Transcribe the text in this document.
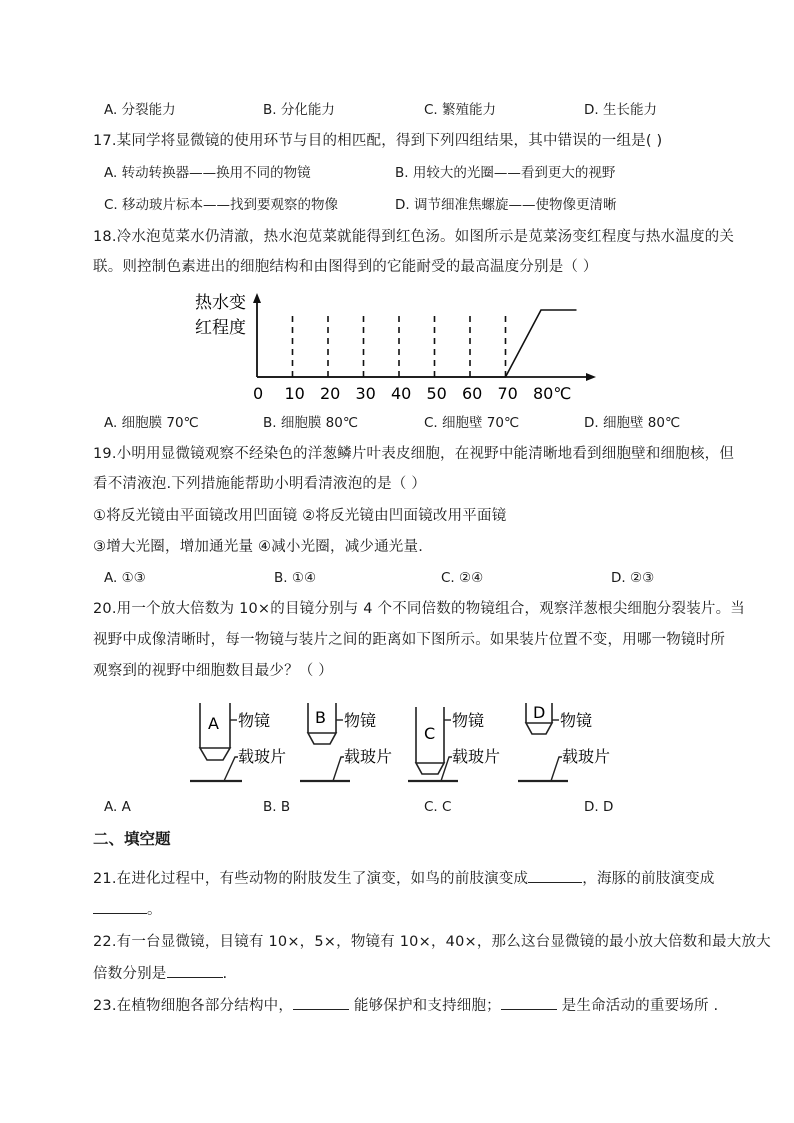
A. 分裂能力	B. 分化能力	C. 繁殖能力	D. 生长能力
17.某同学将显微镜的使用环节与目的相匹配，得到下列四组结果，其中错误的一组是( )
A. 转动转换器——换用不同的物镜	B. 用较大的光圈——看到更大的视野
C. 移动玻片标本——找到要观察的物像	D. 调节细准焦螺旋——使物像更清晰
18.冷水泡苋菜水仍清澈，热水泡苋菜就能得到红色汤。如图所示是苋菜汤变红程度与热水温度的关
联。则控制色素进出的细胞结构和由图得到的它能耐受的最高温度分别是（ ）
0 10 20 30 40 50 60 70 80℃
热水变
红程度
A. 细胞膜 70℃	B. 细胞膜 80℃	C. 细胞壁 70℃	D. 细胞壁 80℃
19.小明用显微镜观察不经染色的洋葱鳞片叶表皮细胞，在视野中能清晰地看到细胞壁和细胞核，但
看不清液泡.下列措施能帮助小明看清液泡的是（ ）
①将反光镜由平面镜改用凹面镜 ②将反光镜由凹面镜改用平面镜
③增大光圈，增加通光量 ④减小光圈，减少通光量.
A. ①③	B. ①④	C. ②④	D. ②③
20.用一个放大倍数为 10×的目镜分别与 4 个不同倍数的物镜组合，观察洋葱根尖细胞分裂装片。当
视野中成像清晰时，每一物镜与装片之间的距离如下图所示。如果装片位置不变，用哪一物镜时所
观察到的视野中细胞数目最少？（ ）
A 物镜
载玻片
B 物镜
载玻片
C
物镜
载玻片
D 物镜
载玻片
A. A	B. B	C. C	D. D
二、填空题
21.在进化过程中，有些动物的附肢发生了演变，如鸟的前肢演变成	，海豚的前肢演变成
。
22.有一台显微镜，目镜有 10×，5×，物镜有 10×，40×，那么这台显微镜的最小放大倍数和最大放大
倍数分别是	.
23.在植物细胞各部分结构中，	能够保护和支持细胞；	是生命活动的重要场所 .
